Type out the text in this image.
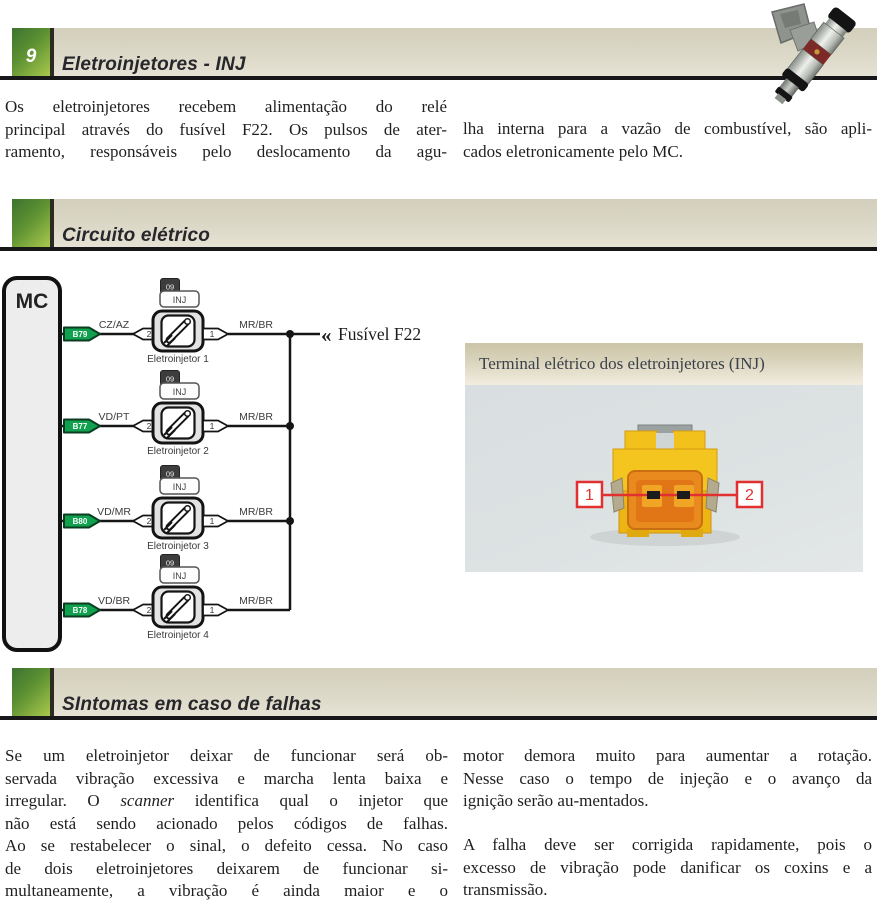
9	Eletroinjetores - INJ
Os eletroinjetores recebem alimentação do relé
principal através do fusível F22. Os pulsos de ater-
ramento, responsáveis pelo deslocamento da agu-
lha interna para a vazão de combustível, são apli-
cados eletronicamente pelo MC.
Circuito elétrico
MC
« Fusível F22
B79
CZ/AZ
2	1
MR/BR
09
INJ
Eletroinjetor 1
B77
VD/PT
2	1
MR/BR
09
INJ
Eletroinjetor 2
B80
VD/MR
2	1
MR/BR
09
INJ
Eletroinjetor 3
B78
VD/BR
2	1
MR/BR
09
INJ
Eletroinjetor 4
Terminal elétrico dos eletroinjetores (INJ)
1	2
SIntomas em caso de falhas
Se um eletroinjetor deixar de funcionar será ob-
servada vibração excessiva e marcha lenta baixa e
irregular. O scanner identifica qual o injetor que
não está sendo acionado pelos códigos de falhas.
Ao se restabelecer o sinal, o defeito cessa. No caso
de dois eletroinjetores deixarem de funcionar si-
multaneamente, a vibração é ainda maior e o
motor demora muito para aumentar a rotação.
Nesse caso o tempo de injeção e o avanço da
ignição serão au-mentados.
A falha deve ser corrigida rapidamente, pois o
excesso de vibração pode danificar os coxins e a
transmissão.
